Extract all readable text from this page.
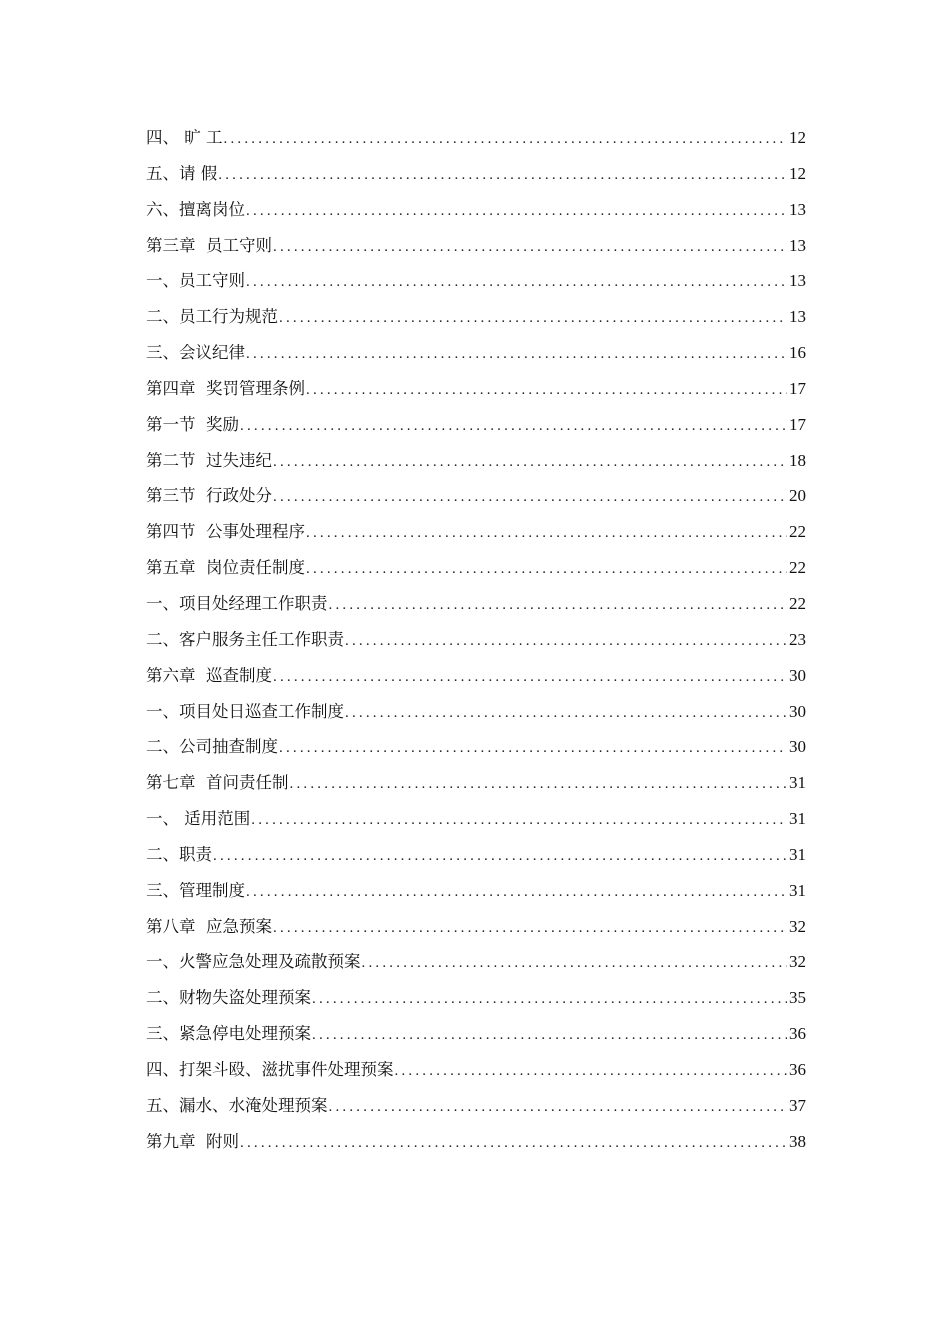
四、 旷 工 .....	12
五、请 假 .....	12
六、擅离岗位 .....	13
第三章  员工守则 .....	13
一、员工守则 .....	13
二、员工行为规范 .....	13
三、会议纪律 .....	16
第四章  奖罚管理条例 .....	17
第一节  奖励 .....	17
第二节  过失违纪 .....	18
第三节  行政处分 .....	20
第四节  公事处理程序 .....	22
第五章  岗位责任制度 .....	22
一、项目处经理工作职责 .....	22
二、客户服务主任工作职责 .....	23
第六章  巡查制度 .....	30
一、项目处日巡查工作制度 .....	30
二、公司抽查制度 .....	30
第七章  首问责任制 .....	31
一、 适用范围 .....	31
二、职责 .....	31
三、管理制度 .....	31
第八章  应急预案 .....	32
一、火警应急处理及疏散预案 .....	32
二、财物失盗处理预案 .....	35
三、紧急停电处理预案 .....	36
四、打架斗殴、滋扰事件处理预案 .....	36
五、漏水、水淹处理预案 .....	37
第九章  附则 .....	38
